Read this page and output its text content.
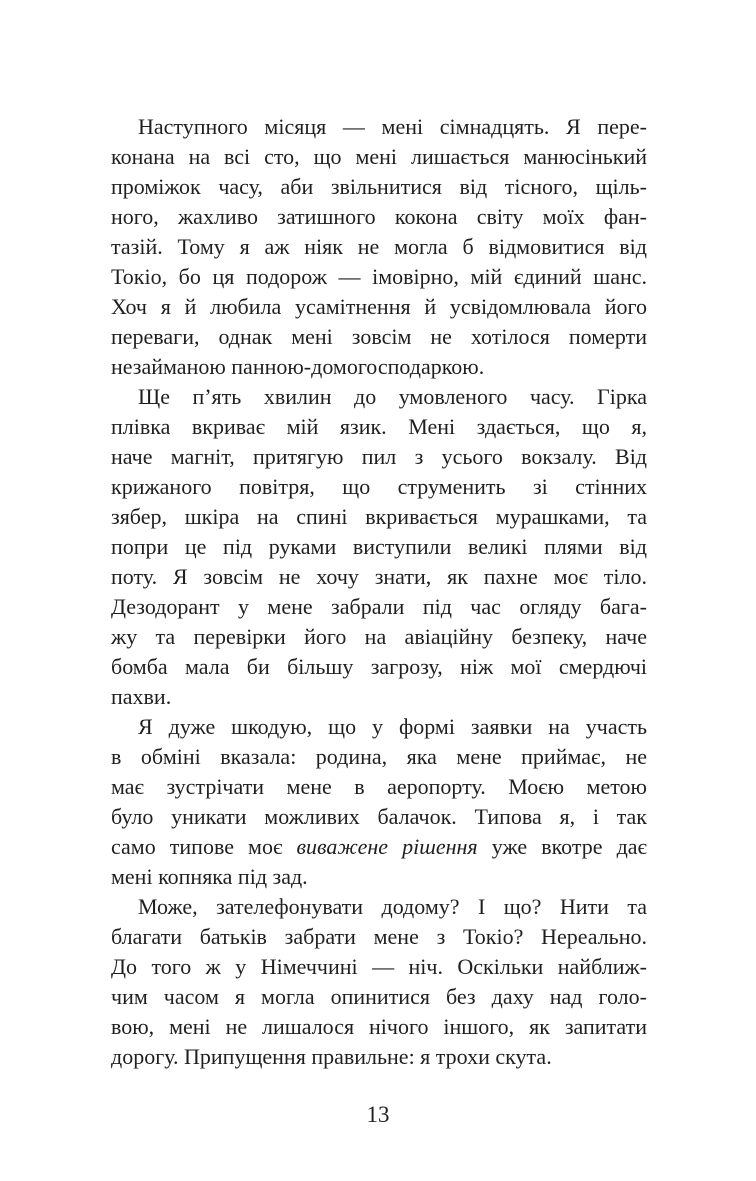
Наступного місяця — мені сімнадцять. Я пере-
конана на всі сто, що мені лишається манюсінький
проміжок часу, аби звільнитися від тісного, щіль-
ного, жахливо затишного кокона світу моїх фан-
тазій. Тому я аж ніяк не могла б відмовитися від
Токіо, бо ця подорож — імовірно, мій єдиний шанс.
Хоч я й любила усамітнення й усвідомлювала його
переваги, однак мені зовсім не хотілося померти
незайманою панною-домогосподаркою.
Ще п’ять хвилин до умовленого часу. Гірка
плівка вкриває мій язик. Мені здається, що я,
наче магніт, притягую пил з усього вокзалу. Від
крижаного повітря, що струменить зі стінних
зябер, шкіра на спині вкривається мурашками, та
попри це під руками виступили великі плями від
поту. Я зовсім не хочу знати, як пахне моє тіло.
Дезодорант у мене забрали під час огляду бага-
жу та перевірки його на авіаційну безпеку, наче
бомба мала би більшу загрозу, ніж мої смердючі
пахви.
Я дуже шкодую, що у формі заявки на участь
в обміні вказала: родина, яка мене приймає, не
має зустрічати мене в аеропорту. Моєю метою
було уникати можливих балачок. Типова я, і так
само типове моє виважене рішення уже вкотре дає
мені копняка під зад.
Може, зателефонувати додому? І що? Нити та
благати батьків забрати мене з Токіо? Нереально.
До того ж у Німеччині — ніч. Оскільки найближ-
чим часом я могла опинитися без даху над голо-
вою, мені не лишалося нічого іншого, як запитати
дорогу. Припущення правильне: я трохи скута.
13
